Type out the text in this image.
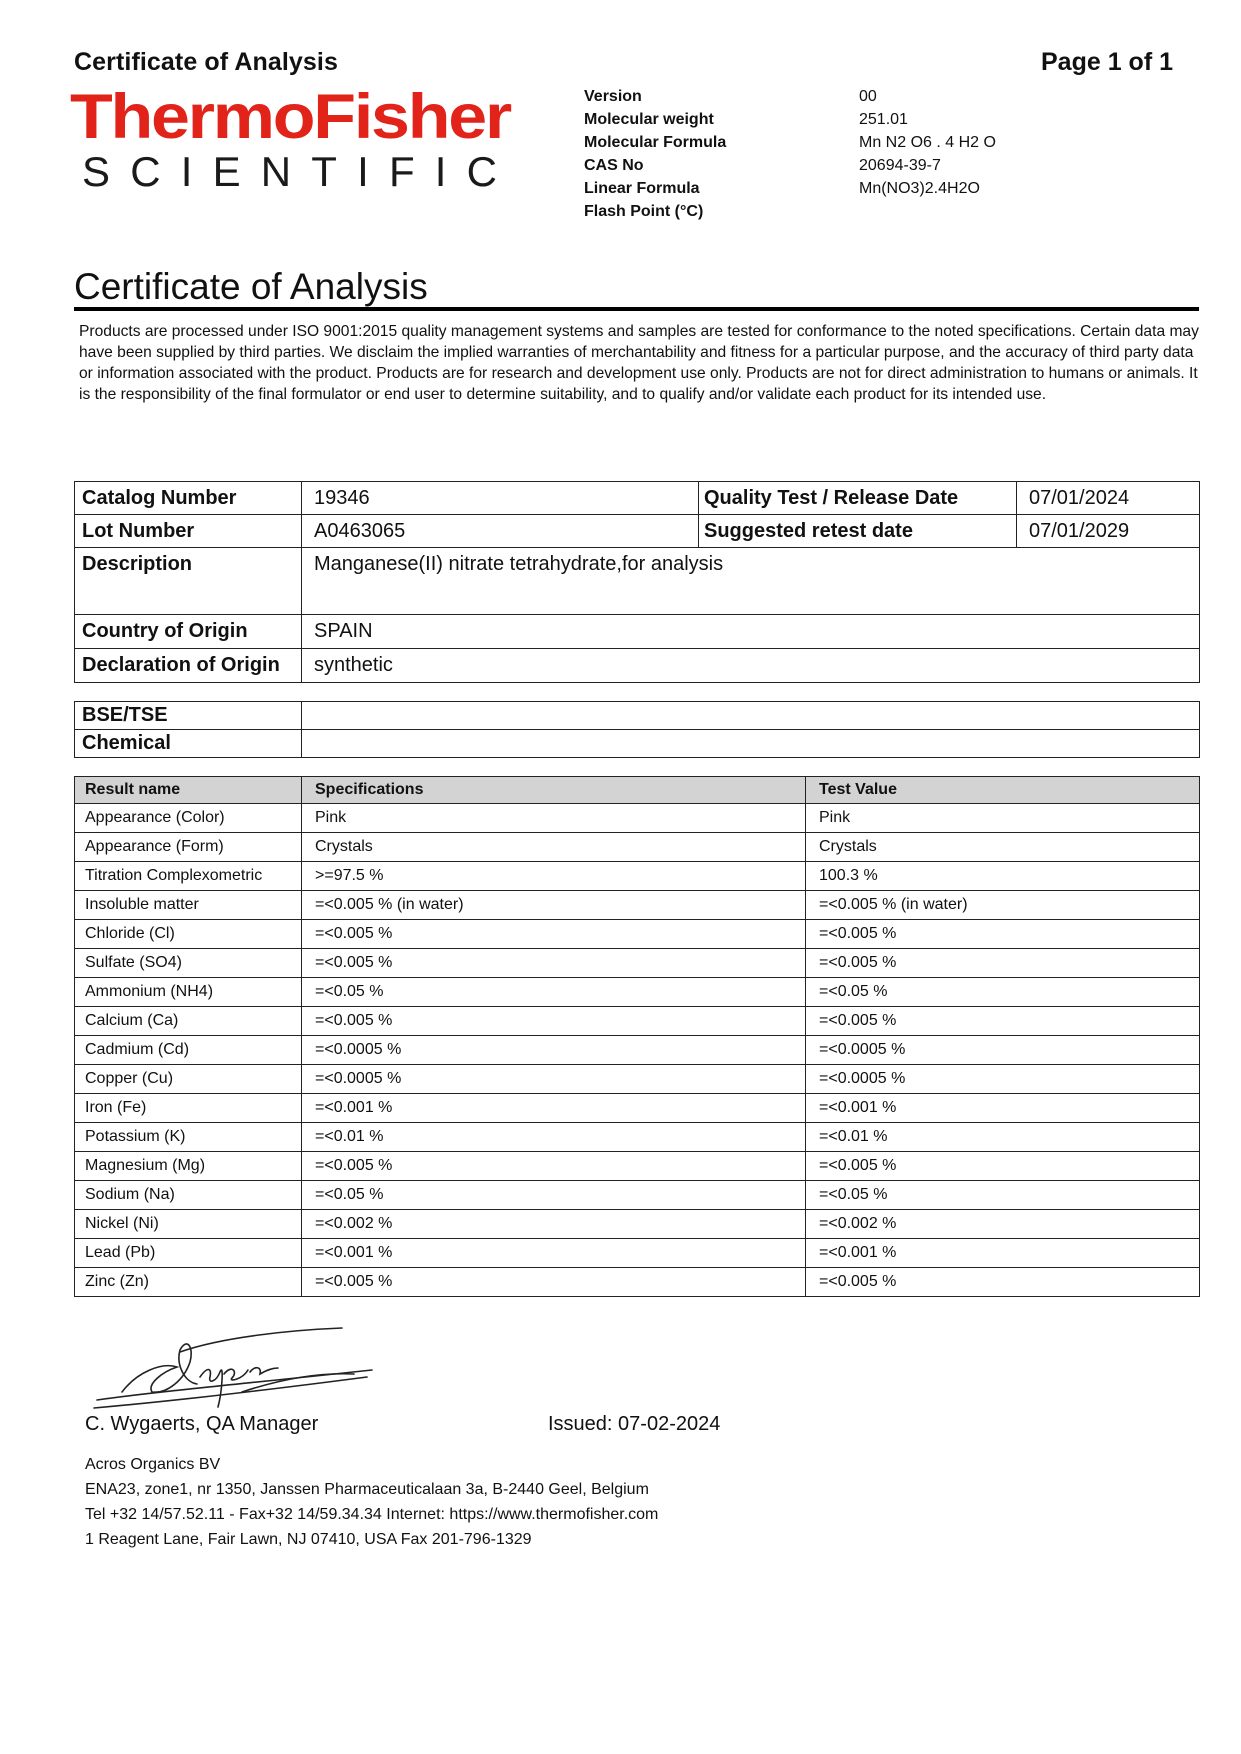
Certificate of Analysis	Page 1 of 1
ThermoFisher
SCIENTIFIC
Version	00
Molecular weight	251.01
Molecular Formula	Mn N2 O6 . 4 H2 O
CAS No	20694-39-7
Linear Formula	Mn(NO3)2.4H2O
Flash Point (°C)
Certificate of Analysis
Products are processed under ISO 9001:2015 quality management systems and samples are tested for conformance to the noted specifications. Certain data may have been supplied by third parties. We disclaim the implied warranties of merchantability and fitness for a particular purpose, and the accuracy of third party data or information associated with the product. Products are for research and development use only. Products are not for direct administration to humans or animals. It is the responsibility of the final formulator or end user to determine suitability, and to qualify and/or validate each product for its intended use.
Catalog Number	19346	Quality Test / Release Date	07/01/2024
Lot Number	A0463065	Suggested retest date	07/01/2029
Description	Manganese(II) nitrate tetrahydrate,for analysis		
Country of Origin	SPAIN		
Declaration of Origin	synthetic		
BSE/TSE	
Chemical	
Result name	Specifications	Test Value
Appearance (Color)	Pink	Pink
Appearance (Form)	Crystals	Crystals
Titration Complexometric	>=97.5 %	100.3 %
Insoluble matter	=<0.005 % (in water)	=<0.005 % (in water)
Chloride (Cl)	=<0.005 %	=<0.005 %
Sulfate (SO4)	=<0.005 %	=<0.005 %
Ammonium (NH4)	=<0.05 %	=<0.05 %
Calcium (Ca)	=<0.005 %	=<0.005 %
Cadmium (Cd)	=<0.0005 %	=<0.0005 %
Copper (Cu)	=<0.0005 %	=<0.0005 %
Iron (Fe)	=<0.001 %	=<0.001 %
Potassium (K)	=<0.01 %	=<0.01 %
Magnesium (Mg)	=<0.005 %	=<0.005 %
Sodium (Na)	=<0.05 %	=<0.05 %
Nickel (Ni)	=<0.002 %	=<0.002 %
Lead (Pb)	=<0.001 %	=<0.001 %
Zinc (Zn)	=<0.005 %	=<0.005 %
C. Wygaerts, QA Manager	Issued: 07-02-2024
Acros Organics BV
ENA23, zone1, nr 1350, Janssen Pharmaceuticalaan 3a, B-2440 Geel, Belgium
Tel +32 14/57.52.11 - Fax+32 14/59.34.34 Internet: https://www.thermofisher.com
1 Reagent Lane, Fair Lawn, NJ 07410, USA Fax 201-796-1329
